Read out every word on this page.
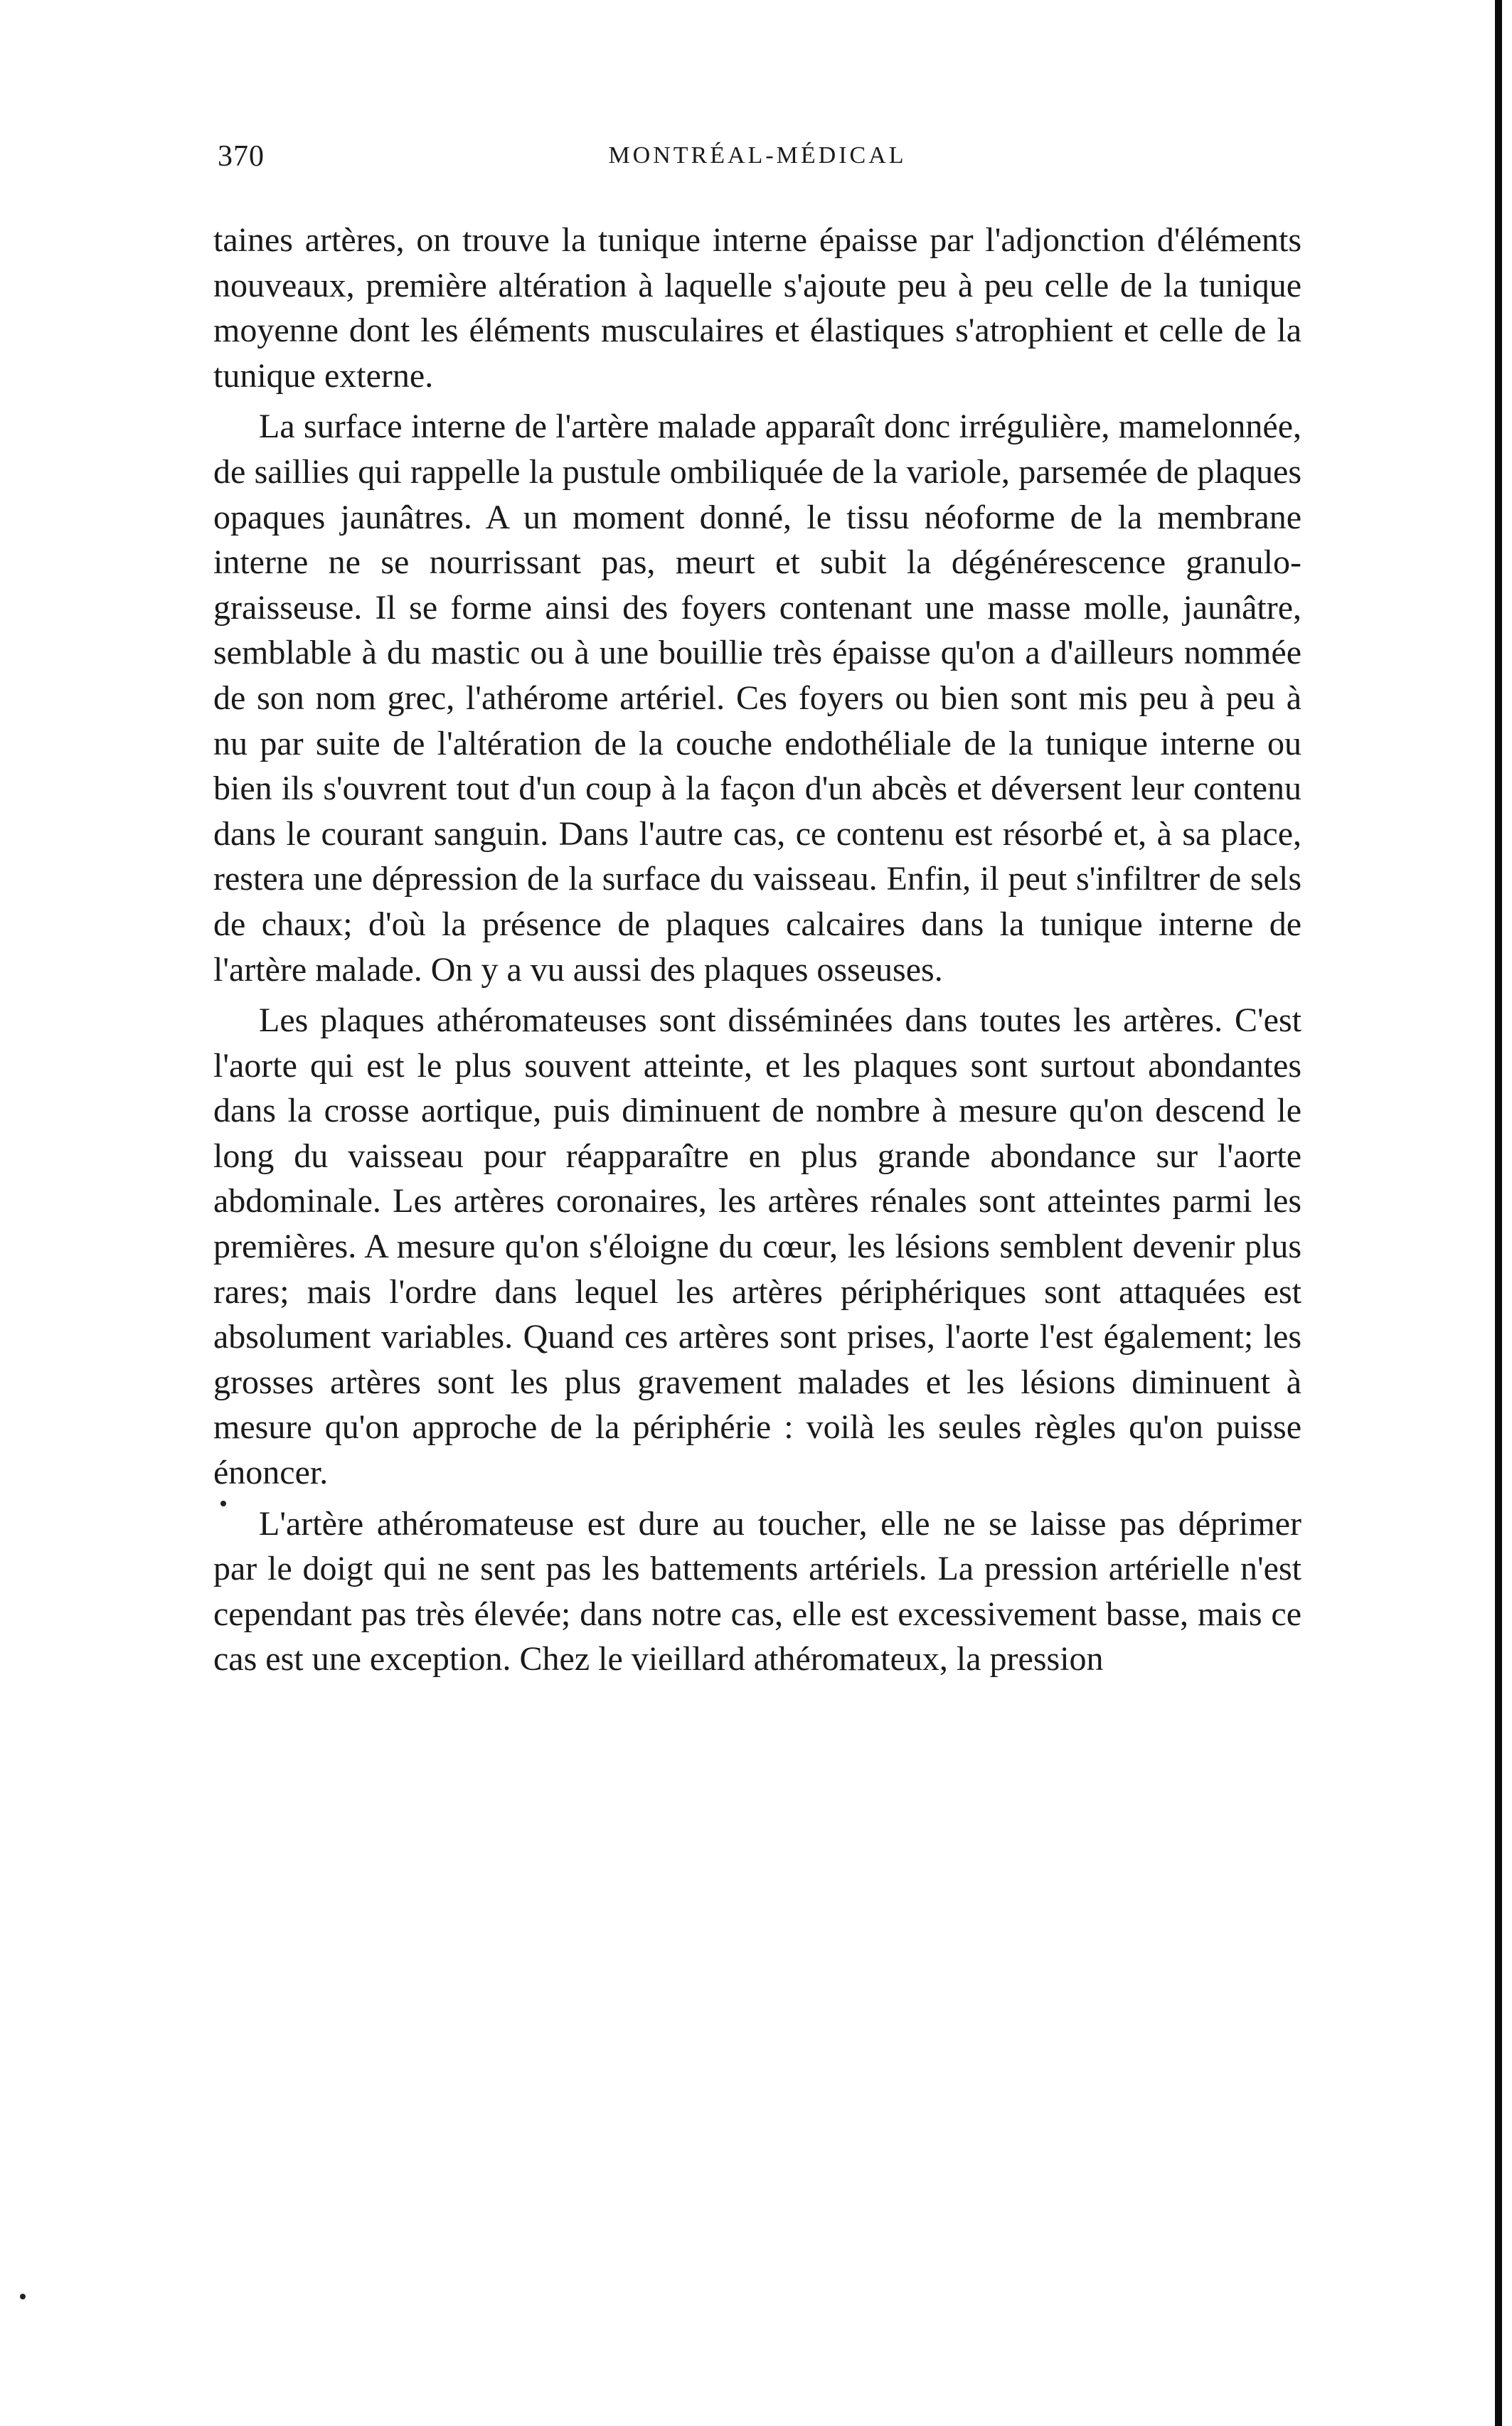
370	MONTRÉAL-MÉDICAL

taines artères, on trouve la tunique interne épaisse par l'adjonction d'éléments nouveaux, première altération à laquelle s'ajoute peu à peu celle de la tunique moyenne dont les éléments musculaires et élastiques s'atrophient et celle de la tunique externe.

La surface interne de l'artère malade apparaît donc irrégulière, mamelonnée, de saillies qui rappelle la pustule ombiliquée de la variole, parsemée de plaques opaques jaunâtres. A un moment donné, le tissu néoforme de la membrane interne ne se nourrissant pas, meurt et subit la dégénérescence granulo-graisseuse. Il se forme ainsi des foyers contenant une masse molle, jaunâtre, semblable à du mastic ou à une bouillie très épaisse qu'on a d'ailleurs nommée de son nom grec, l'athérome artériel. Ces foyers ou bien sont mis peu à peu à nu par suite de l'altération de la couche endothéliale de la tunique interne ou bien ils s'ouvrent tout d'un coup à la façon d'un abcès et déversent leur contenu dans le courant sanguin. Dans l'autre cas, ce contenu est résorbé et, à sa place, restera une dépression de la surface du vaisseau. Enfin, il peut s'infiltrer de sels de chaux; d'où la présence de plaques calcaires dans la tunique interne de l'artère malade. On y a vu aussi des plaques osseuses.

Les plaques athéromateuses sont disséminées dans toutes les artères. C'est l'aorte qui est le plus souvent atteinte, et les plaques sont surtout abondantes dans la crosse aortique, puis diminuent de nombre à mesure qu'on descend le long du vaisseau pour réapparaître en plus grande abondance sur l'aorte abdominale. Les artères coronaires, les artères rénales sont atteintes parmi les premières. A mesure qu'on s'éloigne du cœur, les lésions semblent devenir plus rares; mais l'ordre dans lequel les artères périphériques sont attaquées est absolument variables. Quand ces artères sont prises, l'aorte l'est également; les grosses artères sont les plus gravement malades et les lésions diminuent à mesure qu'on approche de la périphérie : voilà les seules règles qu'on puisse énoncer.

L'artère athéromateuse est dure au toucher, elle ne se laisse pas déprimer par le doigt qui ne sent pas les battements artériels. La pression artérielle n'est cependant pas très élevée; dans notre cas, elle est excessivement basse, mais ce cas est une exception. Chez le vieillard athéromateux, la pression
